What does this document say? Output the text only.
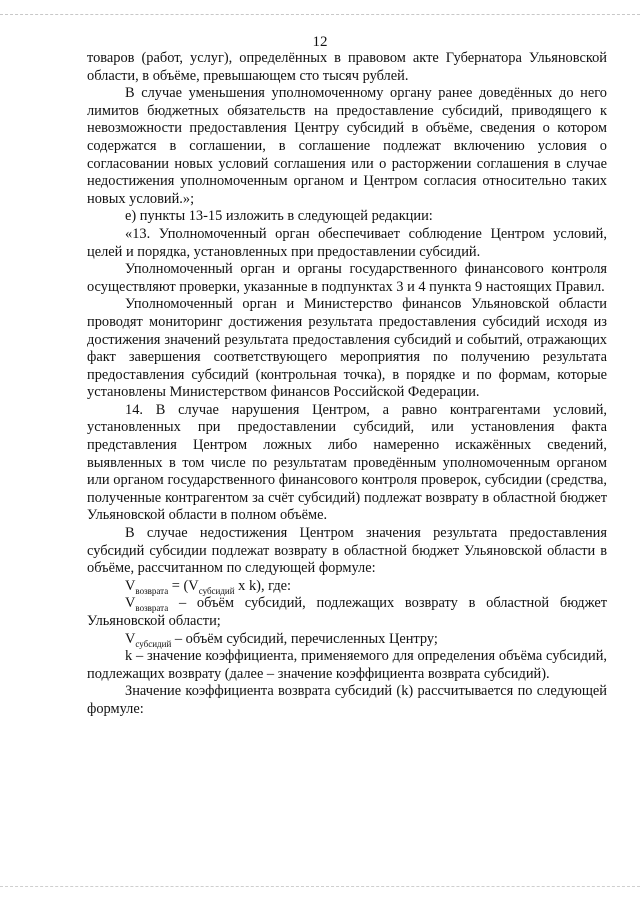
12

товаров (работ, услуг), определённых в правовом акте Губернатора Ульяновской области, в объёме, превышающем сто тысяч рублей.

В случае уменьшения уполномоченному органу ранее доведённых до него лимитов бюджетных обязательств на предоставление субсидий, приводящего к невозможности предоставления Центру субсидий в объёме, сведения о котором содержатся в соглашении, в соглашение подлежат включению условия о согласовании новых условий соглашения или о расторжении соглашения в случае недостижения уполномоченным органом и Центром согласия относительно таких новых условий.»;

е) пункты 13-15 изложить в следующей редакции:

«13. Уполномоченный орган обеспечивает соблюдение Центром условий, целей и порядка, установленных при предоставлении субсидий.

Уполномоченный орган и органы государственного финансового контроля осуществляют проверки, указанные в подпунктах 3 и 4 пункта 9 настоящих Правил.

Уполномоченный орган и Министерство финансов Ульяновской области проводят мониторинг достижения результата предоставления субсидий исходя из достижения значений результата предоставления субсидий и событий, отражающих факт завершения соответствующего мероприятия по получению результата предоставления субсидий (контрольная точка), в порядке и по формам, которые установлены Министерством финансов Российской Федерации.

14. В случае нарушения Центром, а равно контрагентами условий, установленных при предоставлении субсидий, или установления факта представления Центром ложных либо намеренно искажённых сведений, выявленных в том числе по результатам проведённым уполномоченным органом или органом государственного финансового контроля проверок, субсидии (средства, полученные контрагентом за счёт субсидий) подлежат возврату в областной бюджет Ульяновской области в полном объёме.

В случае недостижения Центром значения результата предоставления субсидий субсидии подлежат возврату в областной бюджет Ульяновской области в объёме, рассчитанном по следующей формуле:

$V_{возврата} = (V_{субсидий}$ x k), где:

$V_{возврата}$ – объём субсидий, подлежащих возврату в областной бюджет Ульяновской области;

$V_{субсидий}$ – объём субсидий, перечисленных Центру;

k – значение коэффициента, применяемого для определения объёма субсидий, подлежащих возврату (далее – значение коэффициента возврата субсидий).

Значение коэффициента возврата субсидий (k) рассчитывается по следующей формуле:
